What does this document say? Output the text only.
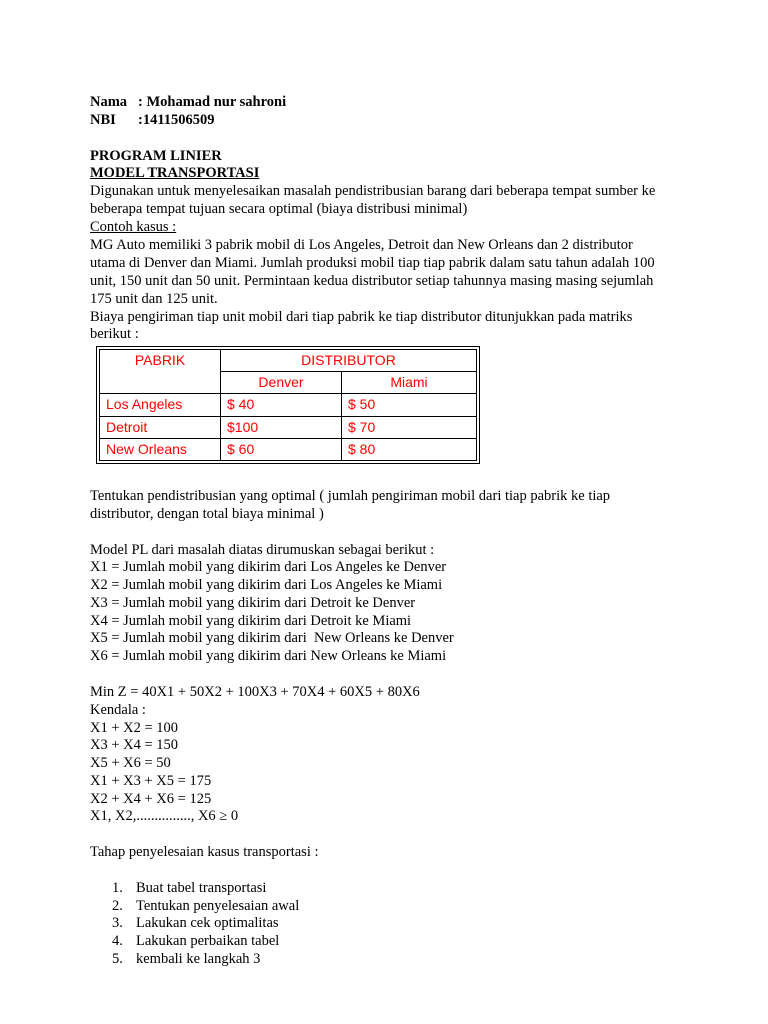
Nama : Mohamad nur sahroni
NBI :1411506509
PROGRAM LINIER
MODEL TRANSPORTASI
Digunakan untuk menyelesaikan masalah pendistribusian barang dari beberapa tempat sumber ke
beberapa tempat tujuan secara optimal (biaya distribusi minimal)
Contoh kasus :
MG Auto memiliki 3 pabrik mobil di Los Angeles, Detroit dan New Orleans dan 2 distributor
utama di Denver dan Miami. Jumlah produksi mobil tiap tiap pabrik dalam satu tahun adalah 100
unit, 150 unit dan 50 unit. Permintaan kedua distributor setiap tahunnya masing masing sejumlah
175 unit dan 125 unit.
Biaya pengiriman tiap unit mobil dari tiap pabrik ke tiap distributor ditunjukkan pada matriks
berikut :
PABRIK	DISTRIBUTOR	
	Denver	Miami
Los Angeles	$ 40	$ 50
Detroit	$100	$ 70
New Orleans	$ 60	$ 80
Tentukan pendistribusian yang optimal ( jumlah pengiriman mobil dari tiap pabrik ke tiap
distributor, dengan total biaya minimal )
Model PL dari masalah diatas dirumuskan sebagai berikut :
X1 = Jumlah mobil yang dikirim dari Los Angeles ke Denver
X2 = Jumlah mobil yang dikirim dari Los Angeles ke Miami
X3 = Jumlah mobil yang dikirim dari Detroit ke Denver
X4 = Jumlah mobil yang dikirim dari Detroit ke Miami
X5 = Jumlah mobil yang dikirim dari  New Orleans ke Denver
X6 = Jumlah mobil yang dikirim dari New Orleans ke Miami
Min Z = 40X1 + 50X2 + 100X3 + 70X4 + 60X5 + 80X6
Kendala :
X1 + X2 = 100
X3 + X4 = 150
X5 + X6 = 50
X1 + X3 + X5 = 175
X2 + X4 + X6 = 125
X1, X2,..............., X6 ≥ 0
Tahap penyelesaian kasus transportasi :
1. Buat tabel transportasi
2. Tentukan penyelesaian awal
3. Lakukan cek optimalitas
4. Lakukan perbaikan tabel
5. kembali ke langkah 3
